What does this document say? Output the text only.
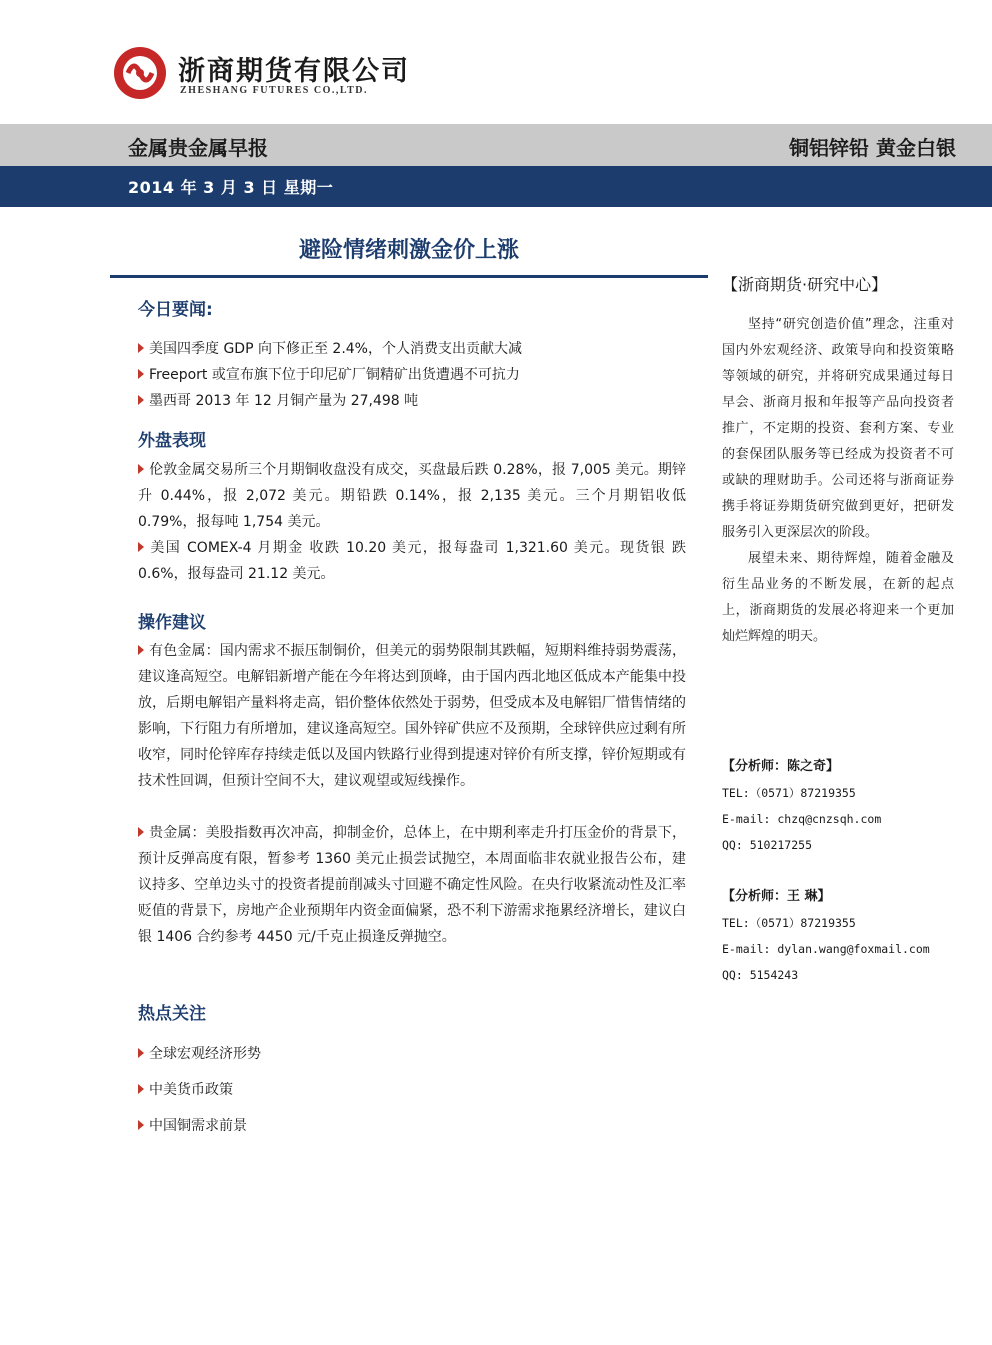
浙商期货有限公司
ZHESHANG FUTURES CO.,LTD.
金属贵金属早报	铜铝锌铅 黄金白银
2014 年 3 月 3 日 星期一
避险情绪刺激金价上涨
今日要闻:
美国四季度 GDP 向下修正至 2.4%，个人消费支出贡献大减
Freeport 或宣布旗下位于印尼矿厂铜精矿出货遭遇不可抗力
墨西哥 2013 年 12 月铜产量为 27,498 吨
外盘表现

伦敦金属交易所三个月期铜收盘没有成交，买盘最后跌 0.28%，报 7,005 美元。期锌升 0.44%，报 2,072 美元。期铅跌 0.14%，报 2,135 美元。三个月期铝收低 0.79%，报每吨 1,754 美元。

美国 COMEX-4 月期金 收跌 10.20 美元，报每盎司 1,321.60 美元。现货银 跌 0.6%，报每盎司 21.12 美元。

操作建议

有色金属：国内需求不振压制铜价，但美元的弱势限制其跌幅，短期料维持弱势震荡，建议逢高短空。电解铝新增产能在今年将达到顶峰，由于国内西北地区低成本产能集中投放，后期电解铝产量料将走高，铝价整体依然处于弱势，但受成本及电解铝厂惜售情绪的影响，下行阻力有所增加，建议逢高短空。国外锌矿供应不及预期，全球锌供应过剩有所收窄，同时伦锌库存持续走低以及国内铁路行业得到提速对锌价有所支撑，锌价短期或有技术性回调，但预计空间不大，建议观望或短线操作。

贵金属：美股指数再次冲高，抑制金价，总体上，在中期利率走升打压金价的背景下，预计反弹高度有限，暂参考 1360 美元止损尝试抛空，本周面临非农就业报告公布，建议持多、空单边头寸的投资者提前削减头寸回避不确定性风险。在央行收紧流动性及汇率贬值的背景下，房地产企业预期年内资金面偏紧，恐不利下游需求拖累经济增长，建议白银 1406 合约参考 4450 元/千克止损逢反弹抛空。

热点关注
全球宏观经济形势
中美货币政策
中国铜需求前景
【浙商期货·研究中心】

坚持“研究创造价值”理念，注重对国内外宏观经济、政策导向和投资策略等领域的研究，并将研究成果通过每日早会、浙商月报和年报等产品向投资者推广，不定期的投资、套利方案、专业的套保团队服务等已经成为投资者不可或缺的理财助手。公司还将与浙商证券携手将证券期货研究做到更好，把研发服务引入更深层次的阶段。

展望未来、期待辉煌，随着金融及衍生品业务的不断发展，在新的起点上，浙商期货的发展必将迎来一个更加灿烂辉煌的明天。

【分析师：陈之奇】
TEL:（0571）87219355
E-mail: chzq@cnzsqh.com
QQ: 510217255
【分析师：王 琳】
TEL:（0571）87219355
E-mail: dylan.wang@foxmail.com
QQ: 5154243
